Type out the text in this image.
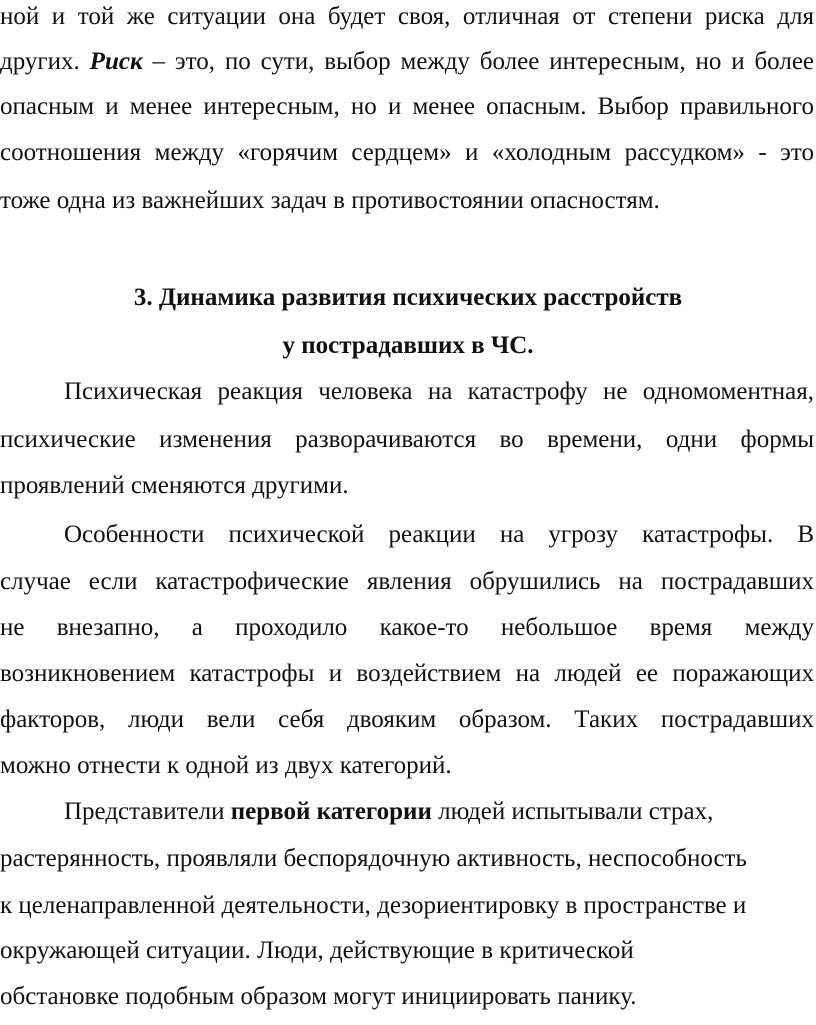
ной и той же ситуации она будет своя, отличная от степени риска для
других. Риск – это, по сути, выбор между более интересным, но и более
опасным и менее интересным, но и менее опасным. Выбор правильного
соотношения между «горячим сердцем» и «холодным рассудком» - это
тоже одна из важнейших задач в противостоянии опасностям.
3. Динамика развития психических расстройств
у пострадавших в ЧС.
Психическая реакция человека на катастрофу не одномоментная,
психические изменения разворачиваются во времени, одни формы
проявлений сменяются другими.
Особенности психической реакции на угрозу катастрофы. В
случае если катастрофические явления обрушились на пострадавших
не внезапно, а проходило какое-то небольшое время между
возникновением катастрофы и воздействием на людей ее поражающих
факторов, люди вели себя двояким образом. Таких пострадавших
можно отнести к одной из двух категорий.
Представители первой категории людей испытывали страх,
растерянность, проявляли беспорядочную активность, неспособность
к целенаправленной деятельности, дезориентировку в пространстве и
окружающей ситуации. Люди, действующие в критической
обстановке подобным образом могут инициировать панику.
